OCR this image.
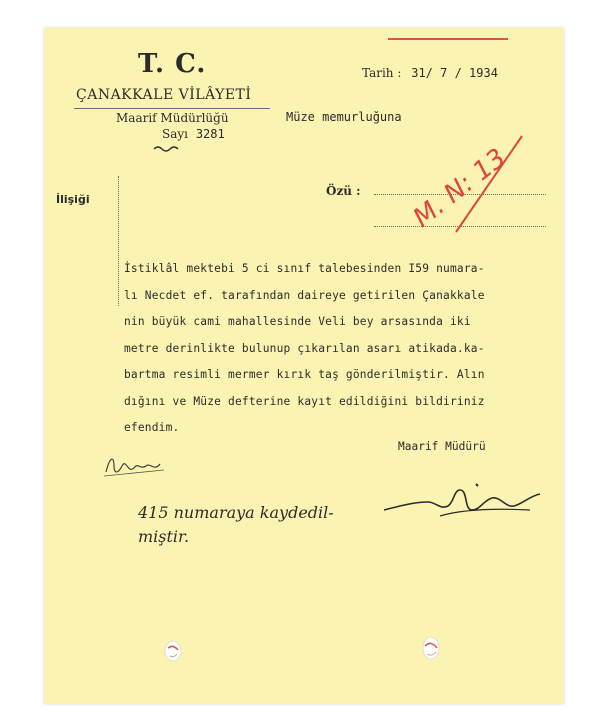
T. C.
ÇANAKKALE VİLÂYETİ
Maarif Müdürlüğü
Sayı 3281
Tarih : 31/ 7 / 1934
Müze memurluğuna
İlişiği
Özü : M. N: 13
İstiklâl mektebi 5 ci sınıf talebesinden I59 numara-
lı Necdet ef. tarafından daireye getirilen Çanakkale
nin büyük cami mahallesinde Veli bey arsasında iki
metre derinlikte bulunup çıkarılan asarı atikada.ka-
bartma resimli mermer kırık taş gönderilmiştir. Alın
dığını ve Müze defterine kayıt edildiğini bildiriniz
efendim.
Maarif Müdürü
415 numaraya kaydedil-
miştir.
